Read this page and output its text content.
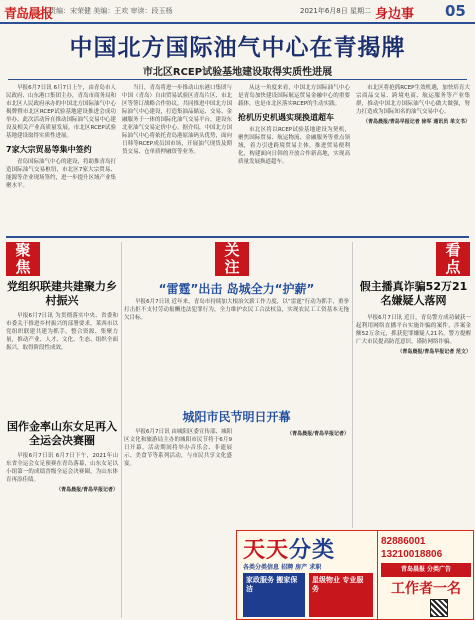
青岛晨报
责编：宋荣健 美编：王欢 审读：段玉杨	2021年6月8日 星期二 身边事 05
中国北方国际油气中心在青揭牌
市北区RCEP试验基地建设取得实质性进展
早报6月7日讯 6月7日上午，由青岛市人民政府、山东港口集团主办，青岛市商务局和市北区人民政府承办的中国北方国际油气中心揭牌暨市北区RCEP试验基地建设推进会成功举办。此次活动旨在推动国际油气交易中心建设及相关产业高质量发展，市北区RCEP试验基地建设取得实质性进展。
7家大宗贸易等集中签约
青岛国际油气中心的建设，将助推青岛打造国际油气交易枢纽，市北区7家大宗贸易、能源等企业现场签约，进一步提升区域产业集聚水平。
当日，青岛将进一步推动山东港口集团与中国（青岛）自由贸易试验区青岛片区、市北区等签订战略合作协议，共同推进中国北方国际油气中心建设，打造集油品储运、交易、金融服务于一体的国际化油气交易平台，建设东北亚油气交易定价中心。据介绍，中国北方国际油气中心将依托青岛港原油码头优势，面向日韩等RCEP成员国市场，开展油气现货及期货交易、仓单质押融资等业务。
从这一角度来看，中国北方国际油气中心是青岛加快建设国际航运贸易金融中心的重要载体，也是市北区落实RCEP的生动实践。
抢机历史机遇实现换道超车
市北区将以RCEP试验基地建设为契机，聚焦国际贸易、航运物流、金融服务等重点领域，着力引进跨境贸易主体，推进贸易便利化，构建面向日韩的开放合作新高地，实现高质量发展换道超车。
市北区将抢抓RCEP生效机遇，加快培育大宗商品交易、跨境电商、航运服务等产业集群，推动中国北方国际油气中心做大做强，努力打造成为国际知名的油气交易中心。
（青岛晨报/青岛早报记者 徐军 通讯员 单文书）
聚
焦
党组织联建共建聚力乡村振兴
早报6月7日讯 为贯彻落实中央、省委和市委关于推进乡村振兴的部署要求，莱西市以党组织联建共建为抓手，整合资源、集聚力量，推动产业、人才、文化、生态、组织全面振兴，取得阶段性成效。
国作金率山东女足再入全运会决赛圈
早报6月7日讯 6月7日下午，2021年山东省全运会女足预赛在青岛落幕，山东女足以小组第一的成绩晋级全运会决赛圈，为山东体育再添佳绩。
（青岛晨报/青岛早报记者）
关
注
“雷霆”出击 岛城全力“护薪”
早报6月7日讯 近年来，青岛市持续加大根治欠薪工作力度，以“雷霆”行动为抓手，重拳打击拒不支付劳动报酬违法犯罪行为，全力维护农民工合法权益，实现农民工工资基本无拖欠目标。
城阳市民节明日开幕
早报6月7日讯 由城阳区委宣传部、城阳区文化和旅游局主办的城阳市民节将于6月9日开幕，活动期间将举办音乐会、非遗展示、美食节等系列活动，与市民共享文化盛宴。
（青岛晨报/青岛早报记者）
看
点
假主播真诈骗52万21名嫌疑人落网
早报6月7日讯 近日，青岛警方成功破获一起利用网络直播平台实施诈骗的案件，涉案金额52万余元，抓获犯罪嫌疑人21名。警方提醒广大市民提高防范意识，谨防网络诈骗。
（青岛晨报/青岛早报记者 范文）
天天分类
各类分类信息 招聘 房产 求职
家政服务 搬家保洁
星级物业 专业服务
82886001 13210018806
青岛晨报 分类广告
工作者一名
